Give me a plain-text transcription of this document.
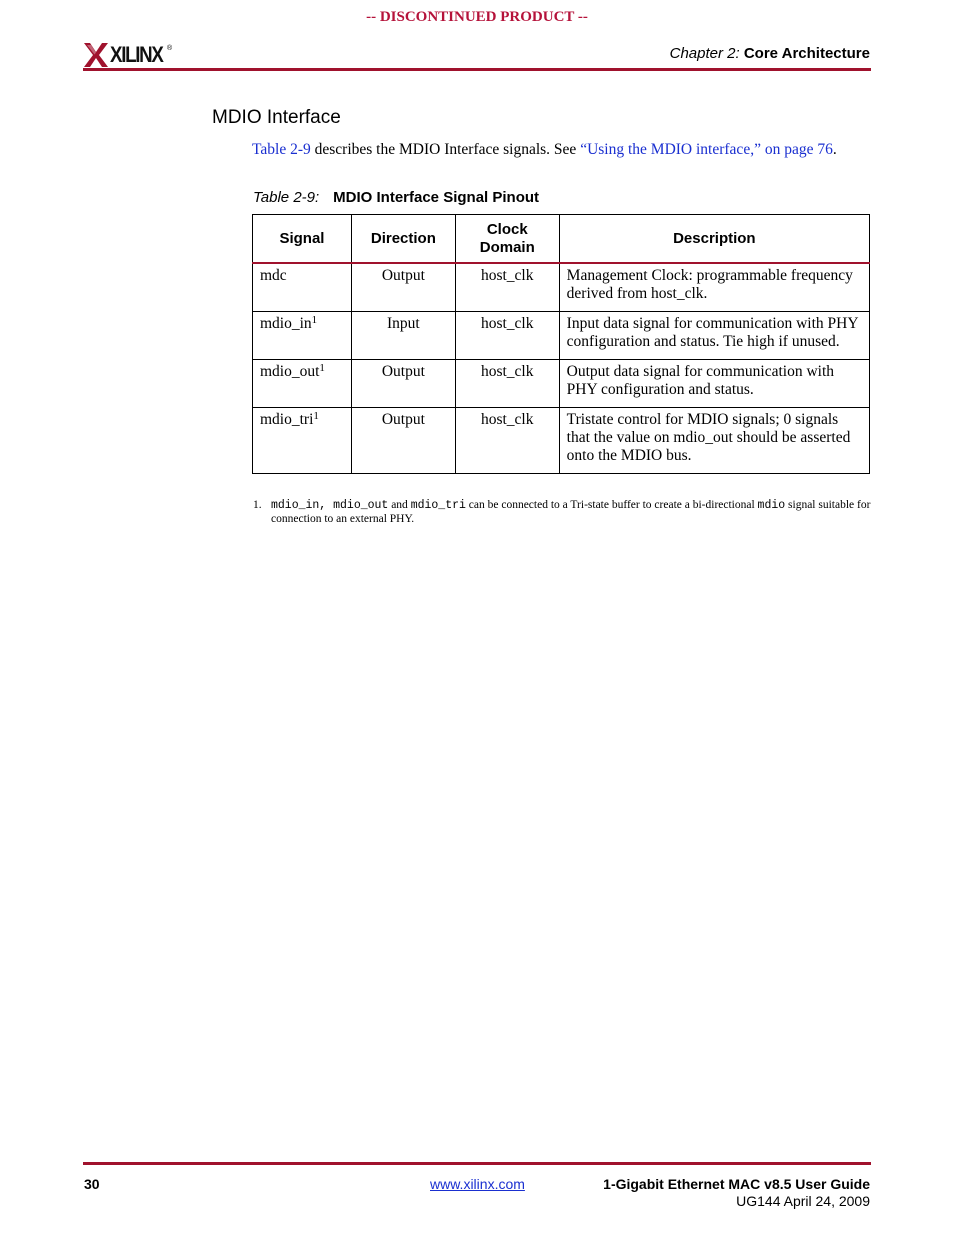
-- DISCONTINUED PRODUCT --
XILINX ®	Chapter 2: Core Architecture
MDIO Interface
Table 2-9 describes the MDIO Interface signals. See “Using the MDIO interface,” on page 76.
Table 2-9: MDIO Interface Signal Pinout
Signal	Direction	Clock Domain	Description
mdc	Output	host_clk	Management Clock: programmable frequency derived from host_clk.
$mdio\_in^1$	Input	host_clk	Input data signal for communication with PHY configuration and status. Tie high if unused.
mdio_out$^1$	Output	host_clk	Output data signal for communication with PHY configuration and status.
mdio_tri$^1$	Output	host_clk	Tristate control for MDIO signals; 0 signals that the value on mdio_out should be asserted onto the MDIO bus.
1. mdio_in, mdio_out and mdio_tri can be connected to a Tri-state buffer to create a bi-directional mdio signal suitable for connection to an external PHY.
30	www.xilinx.com	1-Gigabit Ethernet MAC v8.5 User Guide
UG144 April 24, 2009
